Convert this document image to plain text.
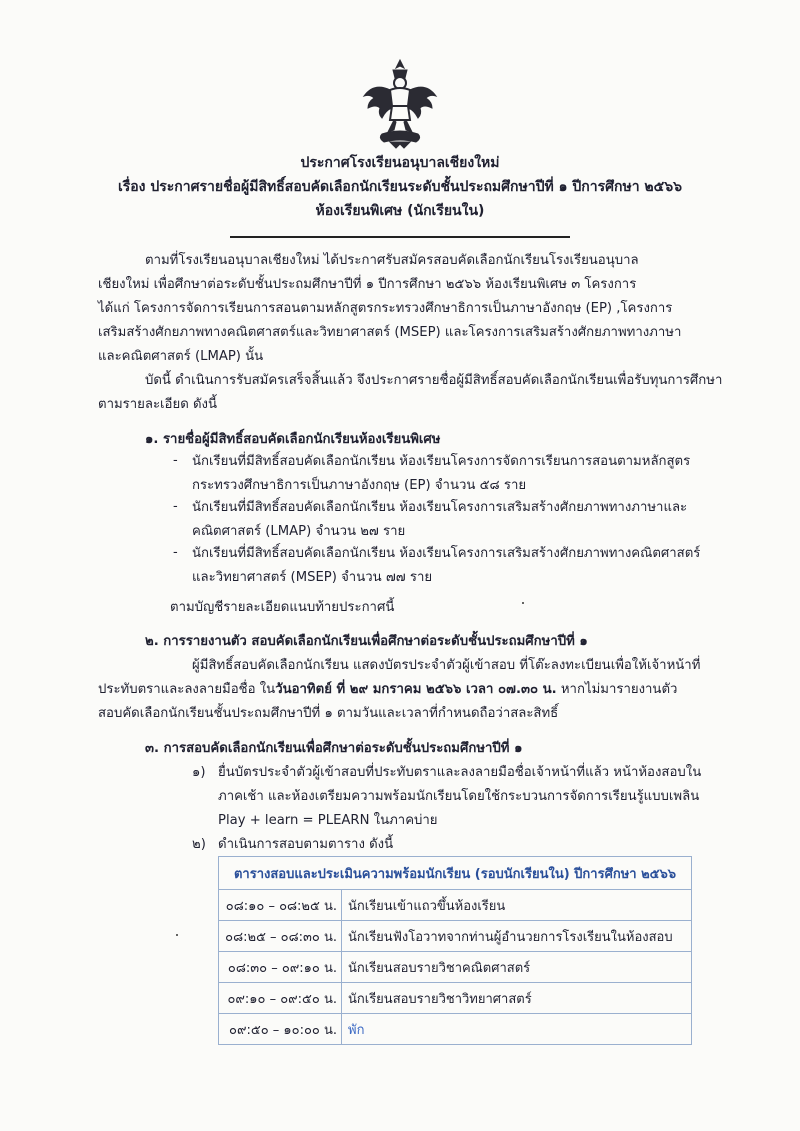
ประกาศโรงเรียนอนุบาลเชียงใหม่
เรื่อง ประกาศรายชื่อผู้มีสิทธิ์สอบคัดเลือกนักเรียนระดับชั้นประถมศึกษาปีที่ ๑ ปีการศึกษา ๒๕๖๖
ห้องเรียนพิเศษ (นักเรียนใน)
ตามที่โรงเรียนอนุบาลเชียงใหม่ ได้ประกาศรับสมัครสอบคัดเลือกนักเรียนโรงเรียนอนุบาล
เชียงใหม่ เพื่อศึกษาต่อระดับชั้นประถมศึกษาปีที่ ๑ ปีการศึกษา ๒๕๖๖ ห้องเรียนพิเศษ ๓ โครงการ
ได้แก่ โครงการจัดการเรียนการสอนตามหลักสูตรกระทรวงศึกษาธิการเป็นภาษาอังกฤษ (EP) ,โครงการ
เสริมสร้างศักยภาพทางคณิตศาสตร์และวิทยาศาสตร์ (MSEP) และโครงการเสริมสร้างศักยภาพทางภาษา
และคณิตศาสตร์ (LMAP) นั้น
บัดนี้ ดำเนินการรับสมัครเสร็จสิ้นแล้ว จึงประกาศรายชื่อผู้มีสิทธิ์สอบคัดเลือกนักเรียนเพื่อรับทุนการศึกษา
ตามรายละเอียด ดังนี้
๑. รายชื่อผู้มีสิทธิ์สอบคัดเลือกนักเรียนห้องเรียนพิเศษ
- นักเรียนที่มีสิทธิ์สอบคัดเลือกนักเรียน ห้องเรียนโครงการจัดการเรียนการสอนตามหลักสูตร
กระทรวงศึกษาธิการเป็นภาษาอังกฤษ (EP) จำนวน ๕๘ ราย
- นักเรียนที่มีสิทธิ์สอบคัดเลือกนักเรียน ห้องเรียนโครงการเสริมสร้างศักยภาพทางภาษาและ
คณิตศาสตร์ (LMAP) จำนวน ๒๗ ราย
- นักเรียนที่มีสิทธิ์สอบคัดเลือกนักเรียน ห้องเรียนโครงการเสริมสร้างศักยภาพทางคณิตศาสตร์
และวิทยาศาสตร์ (MSEP) จำนวน ๗๗ ราย
ตามบัญชีรายละเอียดแนบท้ายประกาศนี้
๒. การรายงานตัว สอบคัดเลือกนักเรียนเพื่อศึกษาต่อระดับชั้นประถมศึกษาปีที่ ๑
ผู้มีสิทธิ์สอบคัดเลือกนักเรียน แสดงบัตรประจำตัวผู้เข้าสอบ ที่โต๊ะลงทะเบียนเพื่อให้เจ้าหน้าที่
ประทับตราและลงลายมือชื่อ ในวันอาทิตย์ ที่ ๒๙ มกราคม ๒๕๖๖ เวลา ๐๗.๓๐ น. หากไม่มารายงานตัว
สอบคัดเลือกนักเรียนชั้นประถมศึกษาปีที่ ๑ ตามวันและเวลาที่กำหนดถือว่าสละสิทธิ์
๓. การสอบคัดเลือกนักเรียนเพื่อศึกษาต่อระดับชั้นประถมศึกษาปีที่ ๑
๑) ยื่นบัตรประจำตัวผู้เข้าสอบที่ประทับตราและลงลายมือชื่อเจ้าหน้าที่แล้ว หน้าห้องสอบใน
ภาคเช้า และห้องเตรียมความพร้อมนักเรียนโดยใช้กระบวนการจัดการเรียนรู้แบบเพลิน
Play + learn = PLEARN ในภาคบ่าย
๒) ดำเนินการสอบตามตาราง ดังนี้
ตารางสอบและประเมินความพร้อมนักเรียน (รอบนักเรียนใน) ปีการศึกษา ๒๕๖๖	
๐๘:๑๐ – ๐๘:๒๕ น.	นักเรียนเข้าแถวขึ้นห้องเรียน
๐๘:๒๕ – ๐๘:๓๐ น.	นักเรียนฟังโอวาทจากท่านผู้อำนวยการโรงเรียนในห้องสอบ
๐๘:๓๐ – ๐๙:๑๐ น.	นักเรียนสอบรายวิชาคณิตศาสตร์
๐๙:๑๐ – ๐๙:๕๐ น.	นักเรียนสอบรายวิชาวิทยาศาสตร์
๐๙:๕๐ – ๑๐:๐๐ น.	พัก
